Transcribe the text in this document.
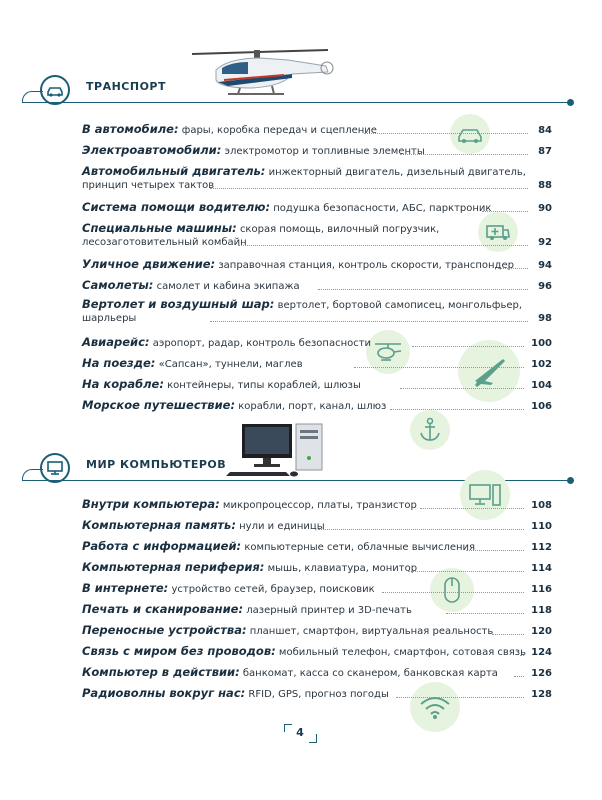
ТРАНСПОРТ
В автомобиле: фары, коробка передач и сцепление	84
Электроавтомобили: электромотор и топливные элементы	87
Автомобильный двигатель: инжекторный двигатель, дизельный двигатель, принцип четырех тактов	88
Система помощи водителю: подушка безопасности, АБС, парктроник	90
Специальные машины: скорая помощь, вилочный погрузчик, лесозаготовительный комбайн	92
Уличное движение: заправочная станция, контроль скорости, транспондер 94
Самолеты: самолет и кабина экипажа	96
Вертолет и воздушный шар: вертолет, бортовой самописец, монгольфьер, шарльеры	98
Авиарейс: аэропорт, радар, контроль безопасности	100
На поезде: «Сапсан», туннели, маглев	102
На корабле: контейнеры, типы кораблей, шлюзы	104
Морское путешествие: корабли, порт, канал, шлюз	106
МИР КОМПЬЮТЕРОВ
Внутри компьютера: микропроцессор, платы, транзистор	108
Компьютерная память: нули и единицы	110
Работа с информацией: компьютерные сети, облачные вычисления	112
Компьютерная периферия: мышь, клавиатура, монитор	114
В интернете: устройство сетей, браузер, поисковик	116
Печать и сканирование: лазерный принтер и 3D-печать	118
Переносные устройства: планшет, смартфон, виртуальная реальность	120
Связь с миром без проводов: мобильный телефон, смартфон, сотовая связь 124
Компьютер в действии: банкомат, касса со сканером, банковская карта	126
Радиоволны вокруг нас: RFID, GPS, прогноз погоды	128
4
